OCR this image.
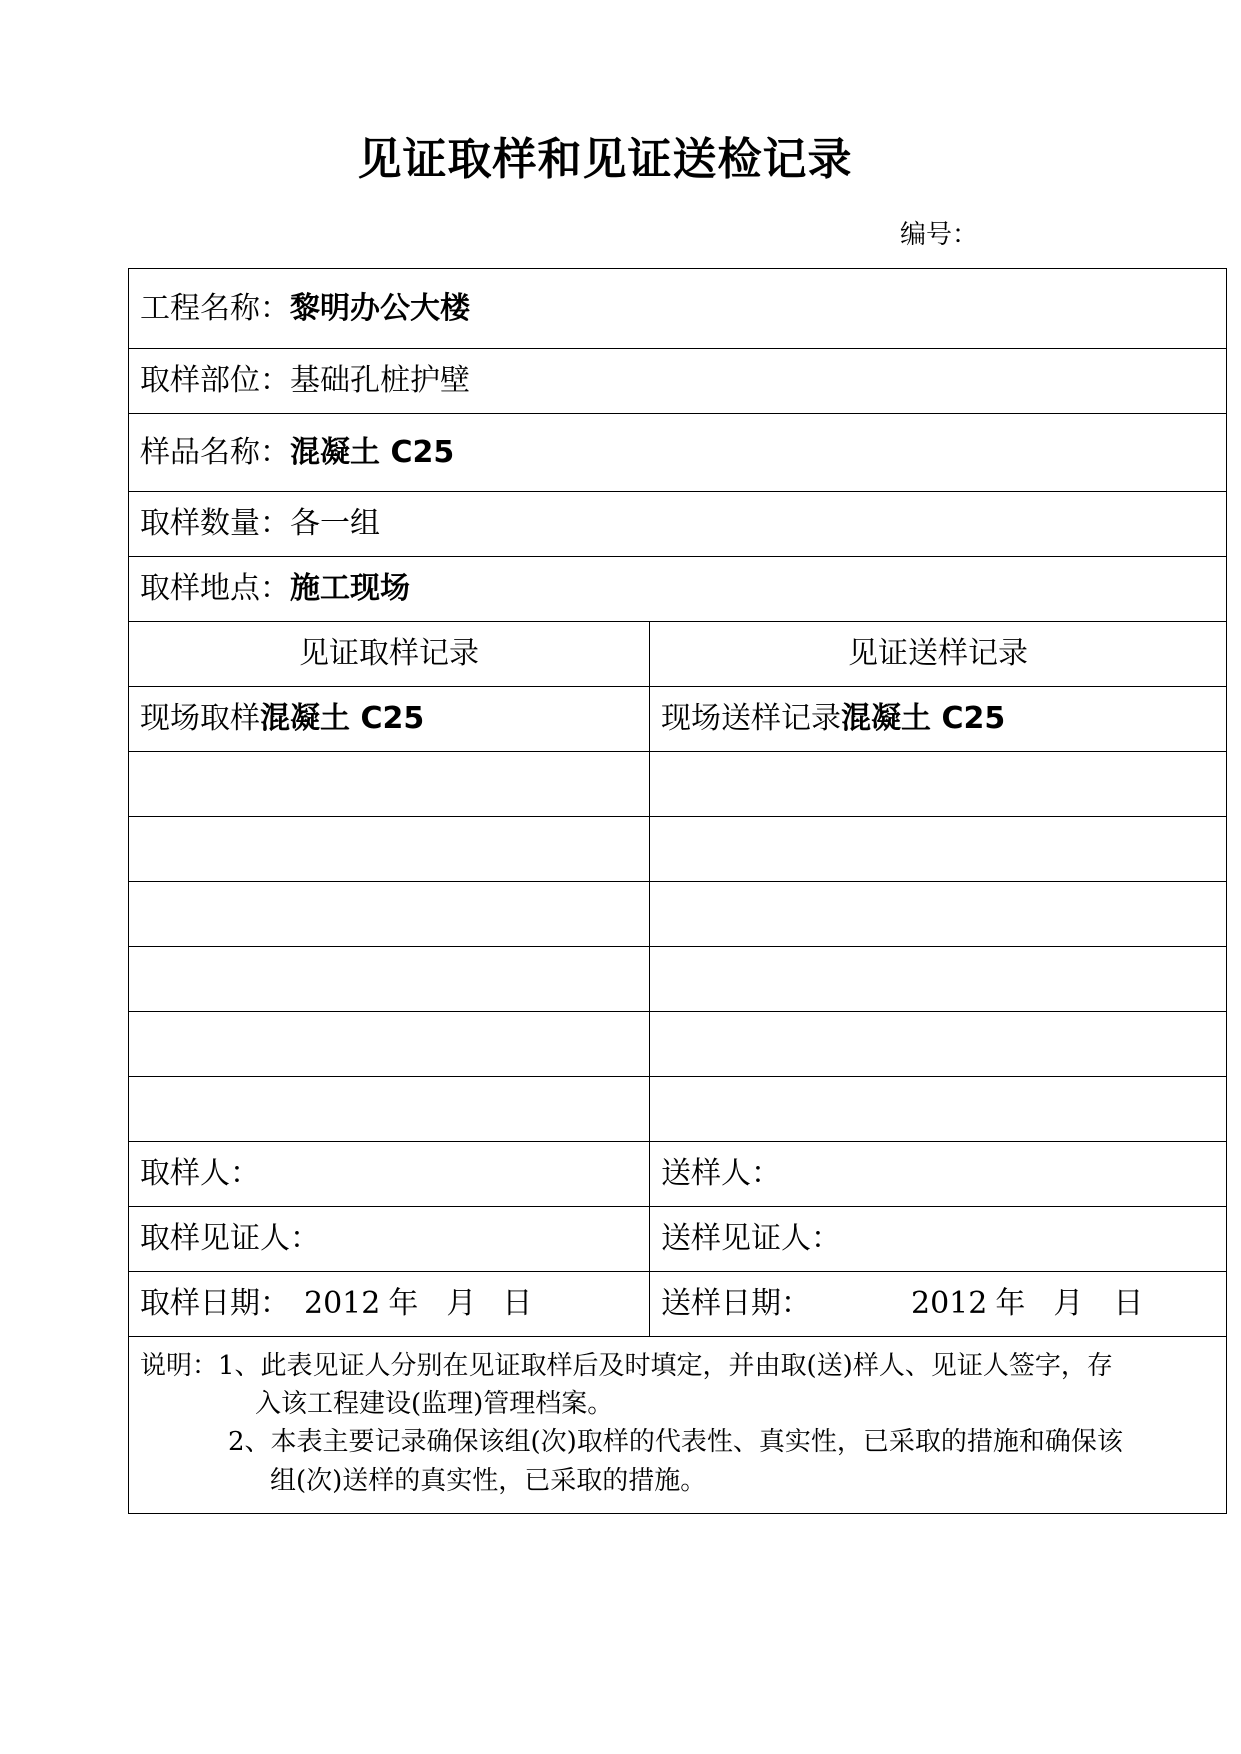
见证取样和见证送检记录
编号：
工程名称：黎明办公大楼	
取样部位：基础孔桩护壁	
样品名称：混凝土 C25	
取样数量：各一组	
取样地点：施工现场	
见证取样记录	见证送样记录
现场取样混凝土 C25	现场送样记录混凝土 C25

取样人：	送样人：
取样见证人：	送样见证人：
取样日期： 2012 年 月 日	送样日期： 2012 年 月 日

说明：1、此表见证人分别在见证取样后及时填定，并由取(送)样人、见证人签字，存
入该工程建设(监理)管理档案。
2、本表主要记录确保该组(次)取样的代表性、真实性，已采取的措施和确保该
组(次)送样的真实性，已采取的措施。	
